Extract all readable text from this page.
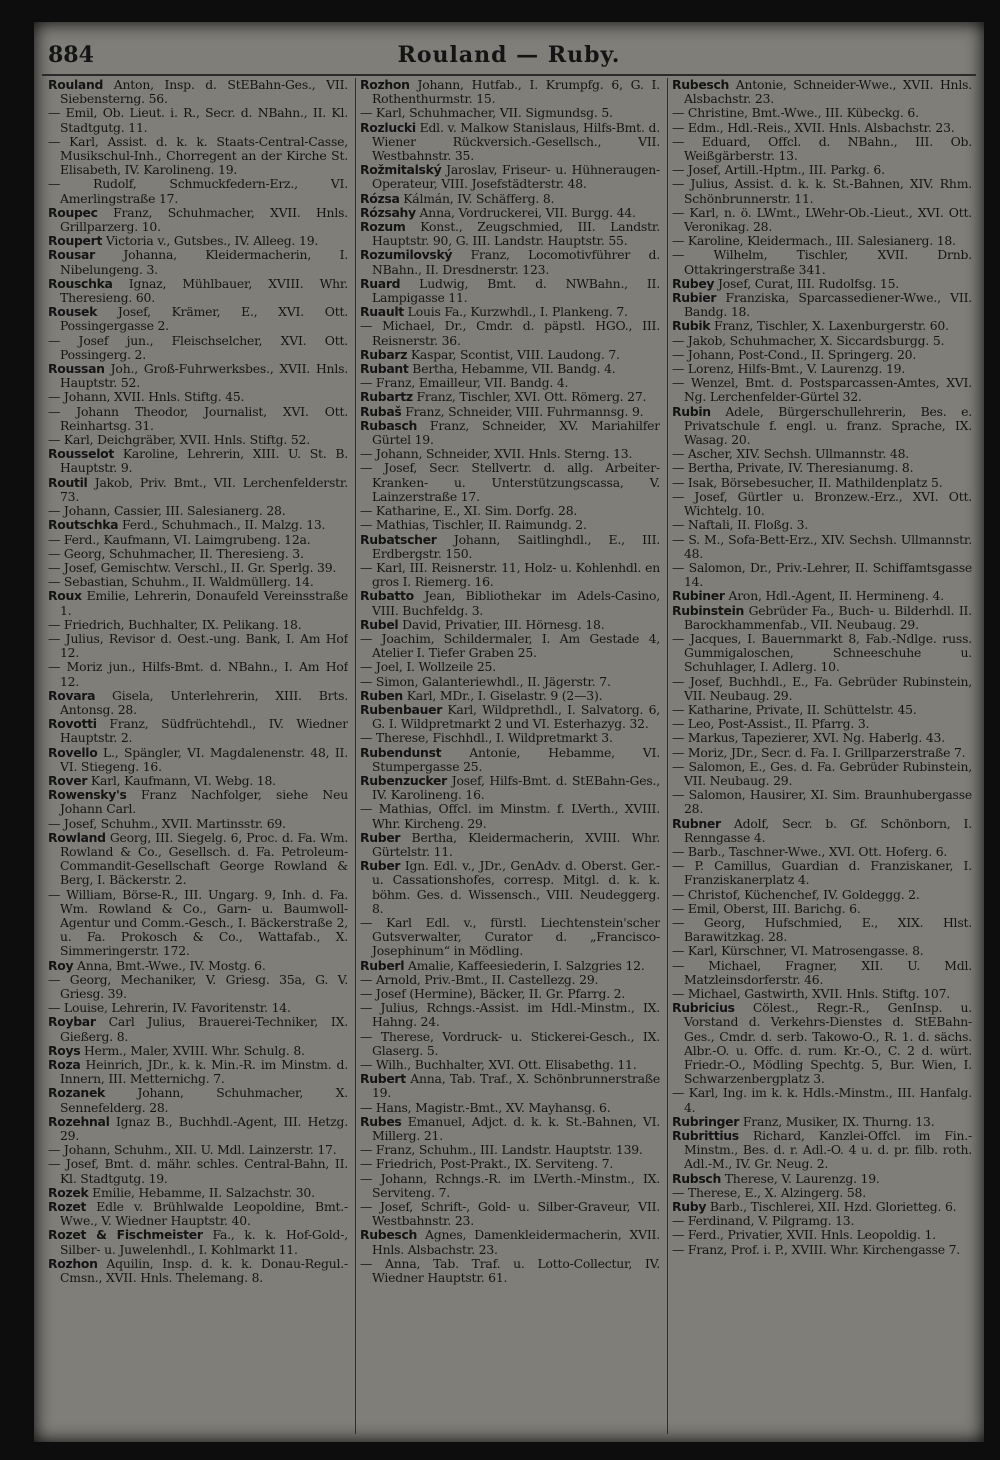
884	Rouland — Ruby.

Rouland Anton, Insp. d. StEBahn-Ges., VII. Siebensterng. 56.

— Emil, Ob. Lieut. i. R., Secr. d. NBahn., II. Kl. Stadtgutg. 11.

— Karl, Assist. d. k. k. Staats-Central-Casse, Musikschul-Inh., Chorregent an der Kirche St. Elisabeth, IV. Karolineng. 19.

— Rudolf, Schmuckfedern-Erz., VI. Amerlingstraße 17.

Roupec Franz, Schuhmacher, XVII. Hnls. Grillparzerg. 10.

Roupert Victoria v., Gutsbes., IV. Alleeg. 19.

Rousar Johanna, Kleidermacherin, I. Nibelungeng. 3.

Rouschka Ignaz, Mühlbauer, XVIII. Whr. Theresieng. 60.

Rousek Josef, Krämer, E., XVI. Ott. Possingergasse 2.

— Josef jun., Fleischselcher, XVI. Ott. Possingerg. 2.

Roussan Joh., Groß-Fuhrwerksbes., XVII. Hnls. Hauptstr. 52.

— Johann, XVII. Hnls. Stiftg. 45.

— Johann Theodor, Journalist, XVI. Ott. Reinhartsg. 31.

— Karl, Deichgräber, XVII. Hnls. Stiftg. 52.

Rousselot Karoline, Lehrerin, XIII. U. St. B. Hauptstr. 9.

Routil Jakob, Priv. Bmt., VII. Lerchenfelderstr. 73.

— Johann, Cassier, III. Salesianerg. 28.

Routschka Ferd., Schuhmach., II. Malzg. 13.

— Ferd., Kaufmann, VI. Laimgrubeng. 12a.

— Georg, Schuhmacher, II. Theresieng. 3.

— Josef, Gemischtw. Verschl., II. Gr. Sperlg. 39.

— Sebastian, Schuhm., II. Waldmüllerg. 14.

Roux Emilie, Lehrerin, Donaufeld Vereinsstraße 1.

— Friedrich, Buchhalter, IX. Pelikang. 18.

— Julius, Revisor d. Oest.-ung. Bank, I. Am Hof 12.

— Moriz jun., Hilfs-Bmt. d. NBahn., I. Am Hof 12.

Rovara Gisela, Unterlehrerin, XIII. Brts. Antonsg. 28.

Rovotti Franz, Südfrüchtehdl., IV. Wiedner Hauptstr. 2.

Rovello L., Spängler, VI. Magdalenenstr. 48, II. VI. Stiegeng. 16.

Rover Karl, Kaufmann, VI. Webg. 18.

Rowensky's Franz Nachfolger, siehe Neu Johann Carl.

— Josef, Schuhm., XVII. Martinsstr. 69.

Rowland Georg, III. Siegelg. 6, Proc. d. Fa. Wm. Rowland & Co., Gesellsch. d. Fa. Petroleum-Commandit-Gesellschaft George Rowland & Berg, I. Bäckerstr. 2.

— William, Börse-R., III. Ungarg. 9, Inh. d. Fa. Wm. Rowland & Co., Garn- u. Baumwoll-Agentur und Comm.-Gesch., I. Bäckerstraße 2, u. Fa. Prokosch & Co., Wattafab., X. Simmeringerstr. 172.

Roy Anna, Bmt.-Wwe., IV. Mostg. 6.

— Georg, Mechaniker, V. Griesg. 35a, G. V. Griesg. 39.

— Louise, Lehrerin, IV. Favoritenstr. 14.

Roybar Carl Julius, Brauerei-Techniker, IX. Gießerg. 8.

Roys Herm., Maler, XVIII. Whr. Schulg. 8.

Roza Heinrich, JDr., k. k. Min.-R. im Minstm. d. Innern, III. Metternichg. 7.

Rozanek Johann, Schuhmacher, X. Sennefelderg. 28.

Rozehnal Ignaz B., Buchhdl.-Agent, III. Hetzg. 29.

— Johann, Schuhm., XII. U. Mdl. Lainzerstr. 17.

— Josef, Bmt. d. mähr. schles. Central-Bahn, II. Kl. Stadtgutg. 19.

Rozek Emilie, Hebamme, II. Salzachstr. 30.

Rozet Edle v. Brühlwalde Leopoldine, Bmt.-Wwe., V. Wiedner Hauptstr. 40.

Rozet & Fischmeister Fa., k. k. Hof-Gold-, Silber- u. Juwelenhdl., I. Kohlmarkt 11.

Rozhon Aquilin, Insp. d. k. k. Donau-Regul.-Cmsn., XVII. Hnls. Thelemang. 8.

Rozhon Johann, Hutfab., I. Krumpfg. 6, G. I. Rothenthurmstr. 15.

— Karl, Schuhmacher, VII. Sigmundsg. 5.

Rozlucki Edl. v. Malkow Stanislaus, Hilfs-Bmt. d. Wiener Rückversich.-Gesellsch., VII. Westbahnstr. 35.

Rožmitalský Jaroslav, Friseur- u. Hühneraugen-Operateur, VIII. Josefstädterstr. 48.

Rózsa Kálmán, IV. Schäfferg. 8.

Rózsahy Anna, Vordruckerei, VII. Burgg. 44.

Rozum Konst., Zeugschmied, III. Landstr. Hauptstr. 90, G. III. Landstr. Hauptstr. 55.

Rozumilovský Franz, Locomotivführer d. NBahn., II. Dresdnerstr. 123.

Ruard Ludwig, Bmt. d. NWBahn., II. Lampigasse 11.

Ruault Louis Fa., Kurzwhdl., I. Plankeng. 7.

— Michael, Dr., Cmdr. d. päpstl. HGO., III. Reisnerstr. 36.

Rubarz Kaspar, Scontist, VIII. Laudong. 7.

Rubant Bertha, Hebamme, VII. Bandg. 4.

— Franz, Emailleur, VII. Bandg. 4.

Rubartz Franz, Tischler, XVI. Ott. Römerg. 27.

Rubaš Franz, Schneider, VIII. Fuhrmannsg. 9.

Rubasch Franz, Schneider, XV. Mariahilfer Gürtel 19.

— Johann, Schneider, XVII. Hnls. Sterng. 13.

— Josef, Secr. Stellvertr. d. allg. Arbeiter-Kranken- u. Unterstützungscassa, V. Lainzerstraße 17.

— Katharine, E., XI. Sim. Dorfg. 28.

— Mathias, Tischler, II. Raimundg. 2.

Rubatscher Johann, Saitlinghdl., E., III. Erdbergstr. 150.

— Karl, III. Reisnerstr. 11, Holz- u. Kohlenhdl. en gros I. Riemerg. 16.

Rubatto Jean, Bibliothekar im Adels-Casino, VIII. Buchfeldg. 3.

Rubel David, Privatier, III. Hörnesg. 18.

— Joachim, Schildermaler, I. Am Gestade 4, Atelier I. Tiefer Graben 25.

— Joel, I. Wollzeile 25.

— Simon, Galanteriewhdl., II. Jägerstr. 7.

Ruben Karl, MDr., I. Giselastr. 9 (2—3).

Rubenbauer Karl, Wildprethdl., I. Salvatorg. 6, G. I. Wildpretmarkt 2 und VI. Esterhazyg. 32.

— Therese, Fischhdl., I. Wildpretmarkt 3.

Rubendunst Antonie, Hebamme, VI. Stumpergasse 25.

Rubenzucker Josef, Hilfs-Bmt. d. StEBahn-Ges., IV. Karolineng. 16.

— Mathias, Offcl. im Minstm. f. LVerth., XVIII. Whr. Kircheng. 29.

Ruber Bertha, Kleidermacherin, XVIII. Whr. Gürtelstr. 11.

Ruber Ign. Edl. v., JDr., GenAdv. d. Oberst. Ger.- u. Cassationshofes, corresp. Mitgl. d. k. k. böhm. Ges. d. Wissensch., VIII. Neudeggerg. 8.

— Karl Edl. v., fürstl. Liechtenstein'scher Gutsverwalter, Curator d. „Francisco-Josephinum“ in Mödling.

Ruberl Amalie, Kaffeesiederin, I. Salzgries 12.

— Arnold, Priv.-Bmt., II. Castellezg. 29.

— Josef (Hermine), Bäcker, II. Gr. Pfarrg. 2.

— Julius, Rchngs.-Assist. im Hdl.-Minstm., IX. Hahng. 24.

— Therese, Vordruck- u. Stickerei-Gesch., IX. Glaserg. 5.

— Wilh., Buchhalter, XVI. Ott. Elisabethg. 11.

Rubert Anna, Tab. Traf., X. Schönbrunnerstraße 19.

— Hans, Magistr.-Bmt., XV. Mayhansg. 6.

Rubes Emanuel, Adjct. d. k. k. St.-Bahnen, VI. Millerg. 21.

— Franz, Schuhm., III. Landstr. Hauptstr. 139.

— Friedrich, Post-Prakt., IX. Serviteng. 7.

— Johann, Rchngs.-R. im LVerth.-Minstm., IX. Serviteng. 7.

— Josef, Schrift-, Gold- u. Silber-Graveur, VII. Westbahnstr. 23.

Rubesch Agnes, Damenkleidermacherin, XVII. Hnls. Alsbachstr. 23.

— Anna, Tab. Traf. u. Lotto-Collectur, IV. Wiedner Hauptstr. 61.

Rubesch Antonie, Schneider-Wwe., XVII. Hnls. Alsbachstr. 23.

— Christine, Bmt.-Wwe., III. Kübeckg. 6.

— Edm., Hdl.-Reis., XVII. Hnls. Alsbachstr. 23.

— Eduard, Offcl. d. NBahn., III. Ob. Weißgärberstr. 13.

— Josef, Artill.-Hptm., III. Parkg. 6.

— Julius, Assist. d. k. k. St.-Bahnen, XIV. Rhm. Schönbrunnerstr. 11.

— Karl, n. ö. LWmt., LWehr-Ob.-Lieut., XVI. Ott. Veronikag. 28.

— Karoline, Kleidermach., III. Salesianerg. 18.

— Wilhelm, Tischler, XVII. Drnb. Ottakringerstraße 341.

Rubey Josef, Curat, III. Rudolfsg. 15.

Rubier Franziska, Sparcassediener-Wwe., VII. Bandg. 18.

Rubik Franz, Tischler, X. Laxenburgerstr. 60.

— Jakob, Schuhmacher, X. Siccardsburgg. 5.

— Johann, Post-Cond., II. Springerg. 20.

— Lorenz, Hilfs-Bmt., V. Laurenzg. 19.

— Wenzel, Bmt. d. Postsparcassen-Amtes, XVI. Ng. Lerchenfelder-Gürtel 32.

Rubin Adele, Bürgerschullehrerin, Bes. e. Privatschule f. engl. u. franz. Sprache, IX. Wasag. 20.

— Ascher, XIV. Sechsh. Ullmannstr. 48.

— Bertha, Private, IV. Theresianumg. 8.

— Isak, Börsebesucher, II. Mathildenplatz 5.

— Josef, Gürtler u. Bronzew.-Erz., XVI. Ott. Wichtelg. 10.

— Naftali, II. Floßg. 3.

— S. M., Sofa-Bett-Erz., XIV. Sechsh. Ullmannstr. 48.

— Salomon, Dr., Priv.-Lehrer, II. Schiffamtsgasse 14.

Rubiner Aron, Hdl.-Agent, II. Hermineng. 4.

Rubinstein Gebrüder Fa., Buch- u. Bilderhdl. II. Barockhammenfab., VII. Neubaug. 29.

— Jacques, I. Bauernmarkt 8, Fab.-Ndlge. russ. Gummigaloschen, Schneeschuhe u. Schuhlager, I. Adlerg. 10.

— Josef, Buchhdl., E., Fa. Gebrüder Rubinstein, VII. Neubaug. 29.

— Katharine, Private, II. Schüttelstr. 45.

— Leo, Post-Assist., II. Pfarrg. 3.

— Markus, Tapezierer, XVI. Ng. Haberlg. 43.

— Moriz, JDr., Secr. d. Fa. I. Grillparzerstraße 7.

— Salomon, E., Ges. d. Fa. Gebrüder Rubinstein, VII. Neubaug. 29.

— Salomon, Hausirer, XI. Sim. Braunhubergasse 28.

Rubner Adolf, Secr. b. Gf. Schönborn, I. Renngasse 4.

— Barb., Taschner-Wwe., XVI. Ott. Hoferg. 6.

— P. Camillus, Guardian d. Franziskaner, I. Franziskanerplatz 4.

— Christof, Küchenchef, IV. Goldeggg. 2.

— Emil, Oberst, III. Barichg. 6.

— Georg, Hufschmied, E., XIX. Hlst. Barawitzkag. 28.

— Karl, Kürschner, VI. Matrosengasse. 8.

— Michael, Fragner, XII. U. Mdl. Matzleinsdorferstr. 46.

— Michael, Gastwirth, XVII. Hnls. Stiftg. 107.

Rubricius Cölest., Regr.-R., GenInsp. u. Vorstand d. Verkehrs-Dienstes d. StEBahn-Ges., Cmdr. d. serb. Takowo-O., R. 1. d. sächs. Albr.-O. u. Offc. d. rum. Kr.-O., C. 2 d. würt. Friedr.-O., Mödling Spechtg. 5, Bur. Wien, I. Schwarzenbergplatz 3.

— Karl, Ing. im k. k. Hdls.-Minstm., III. Hanfalg. 4.

Rubringer Franz, Musiker, IX. Thurng. 13.

Rubrittius Richard, Kanzlei-Offcl. im Fin.-Minstm., Bes. d. r. Adl.-O. 4 u. d. pr. filb. roth. Adl.-M., IV. Gr. Neug. 2.

Rubsch Therese, V. Laurenzg. 19.

— Therese, E., X. Alzingerg. 58.

Ruby Barb., Tischlerei, XII. Hzd. Glorietteg. 6.

— Ferdinand, V. Pilgramg. 13.

— Ferd., Privatier, XVII. Hnls. Leopoldig. 1.

— Franz, Prof. i. P., XVIII. Whr. Kirchengasse 7.
